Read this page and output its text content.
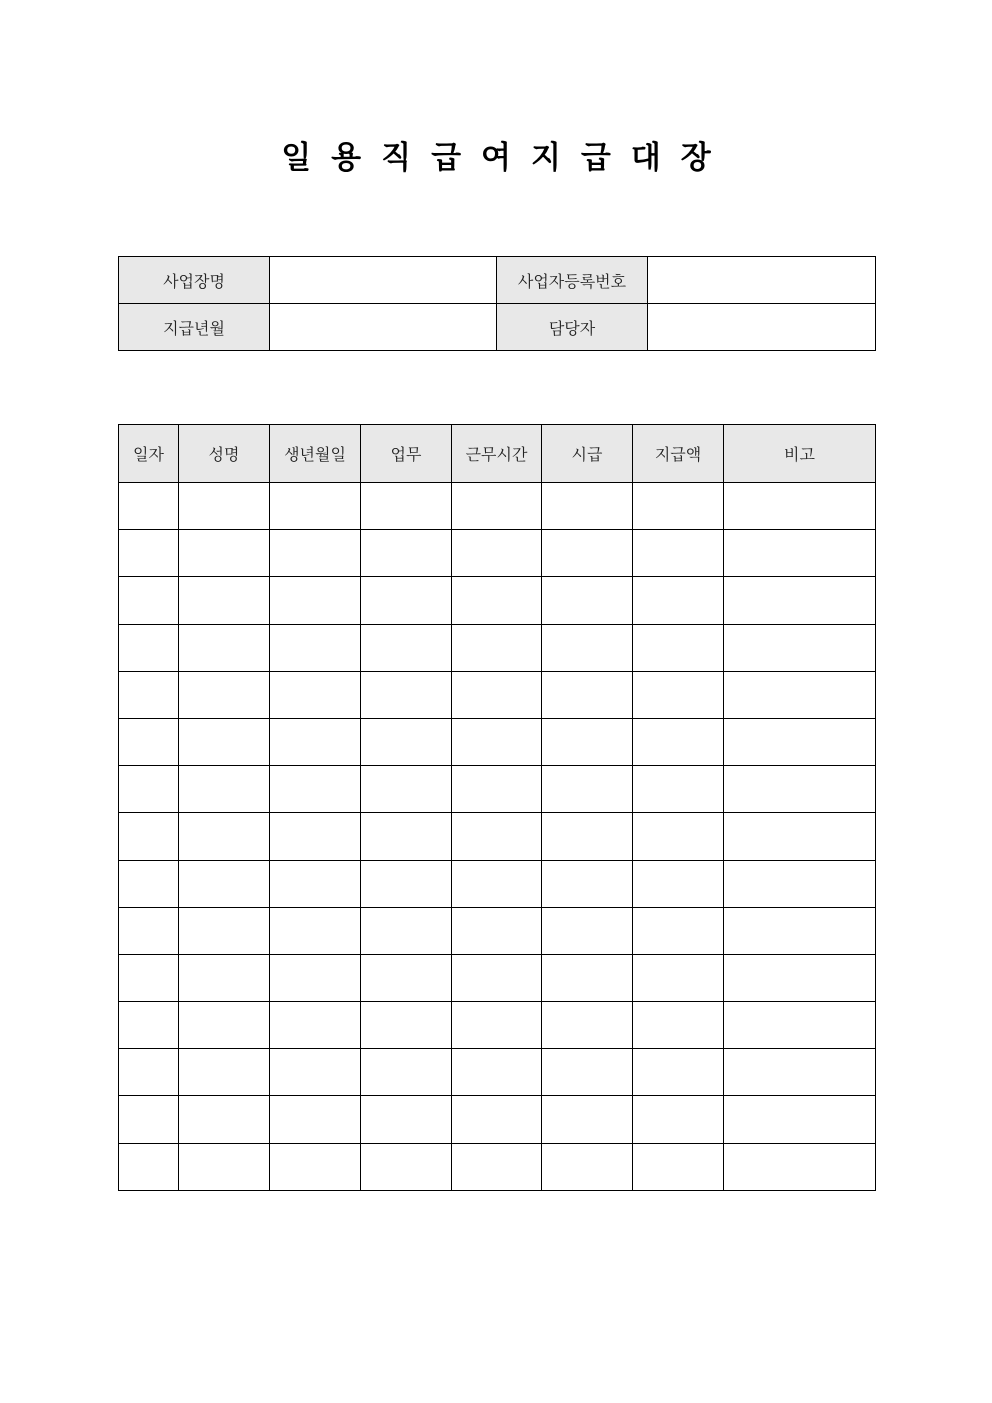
일용직급여지급대장
사업장명		사업자등록번호	
지급년월		담당자	
일자	성명	생년월일	업무	근무시간	시급	지급액	비고
